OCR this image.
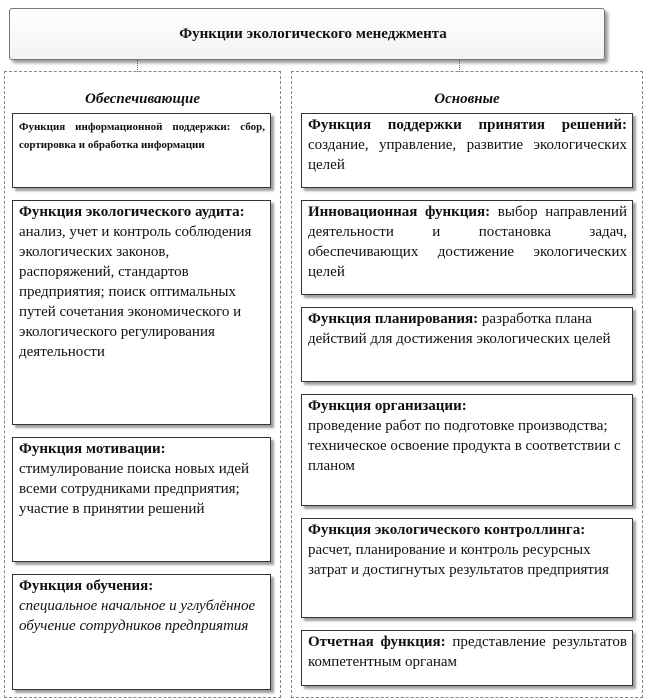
Функции экологического менеджмента
Обеспечивающие
Функция информационной поддержки: сбор, сортировка и обработка информации
Функция экологического аудита:
анализ, учет и контроль соблюдения экологических законов, распоряжений, стандартов предприятия; поиск оптимальных путей сочетания экономического и экологического регулирования деятельности
Функция мотивации:
стимулирование поиска новых идей всеми сотрудниками предприятия; участие в принятии решений
Функция обучения:
специальное начальное и углублённое обучение сотрудников предприятия
Основные
Функция поддержки принятия решений: создание, управление, развитие экологических целей
Инновационная функция: выбор направлений деятельности и постановка задач, обеспечивающих достижение экологических целей
Функция планирования: разработка плана действий для достижения экологических целей
Функция организации:
проведение работ по подготовке производства;
техническое освоение продукта в соответствии с планом
Функция экологического контроллинга: расчет, планирование и контроль ресурсных затрат и достигнутых результатов предприятия
Отчетная функция: представление результатов компетентным органам
